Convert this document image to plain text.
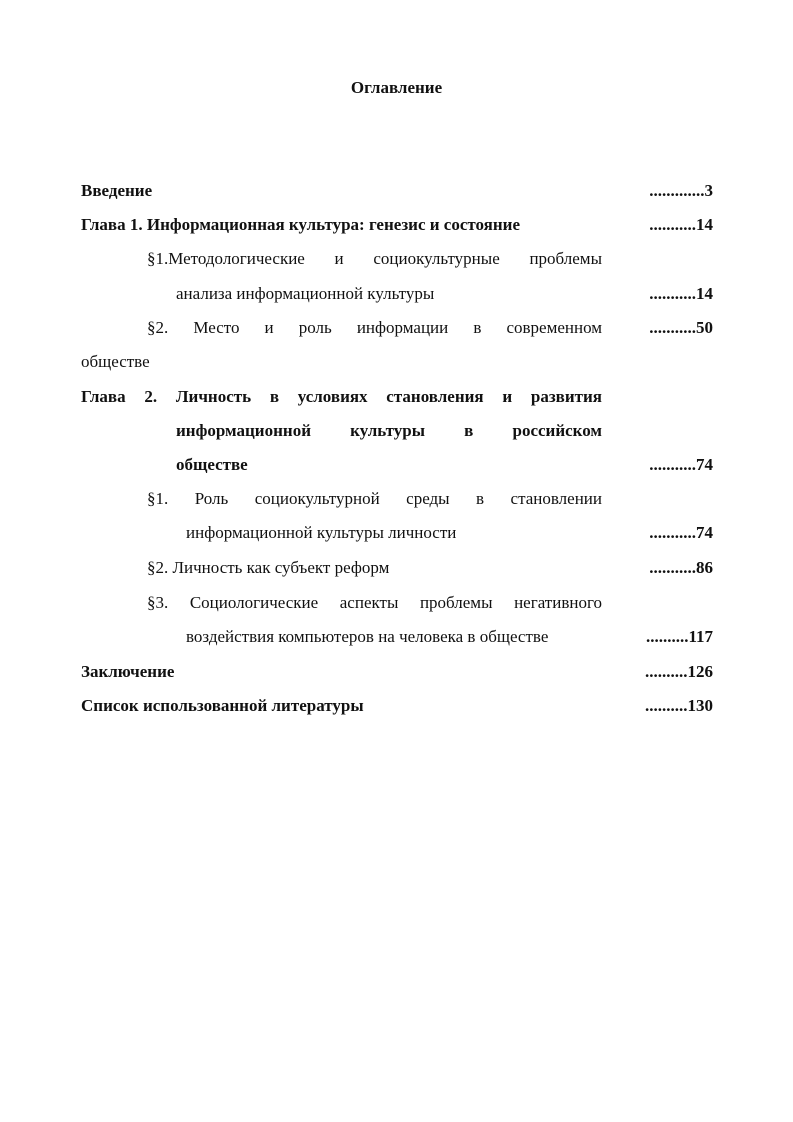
Оглавление
Введение	.............3
Глава 1. Информационная культура: генезис и состояние	...........14
§1.Методологические и социокультурные проблемы
анализа информационной культуры	...........14
§2. Место и роль информации в современном	...........50
обществе
Глава 2. Личность в условиях становления и развития
информационной культуры в российском
обществе	...........74
§1. Роль социокультурной среды в становлении
информационной культуры личности	...........74
§2. Личность как субъект реформ	...........86
§3. Социологические аспекты проблемы негативного
воздействия компьютеров на человека в обществе	..........117
Заключение	..........126
Список использованной литературы	..........130
